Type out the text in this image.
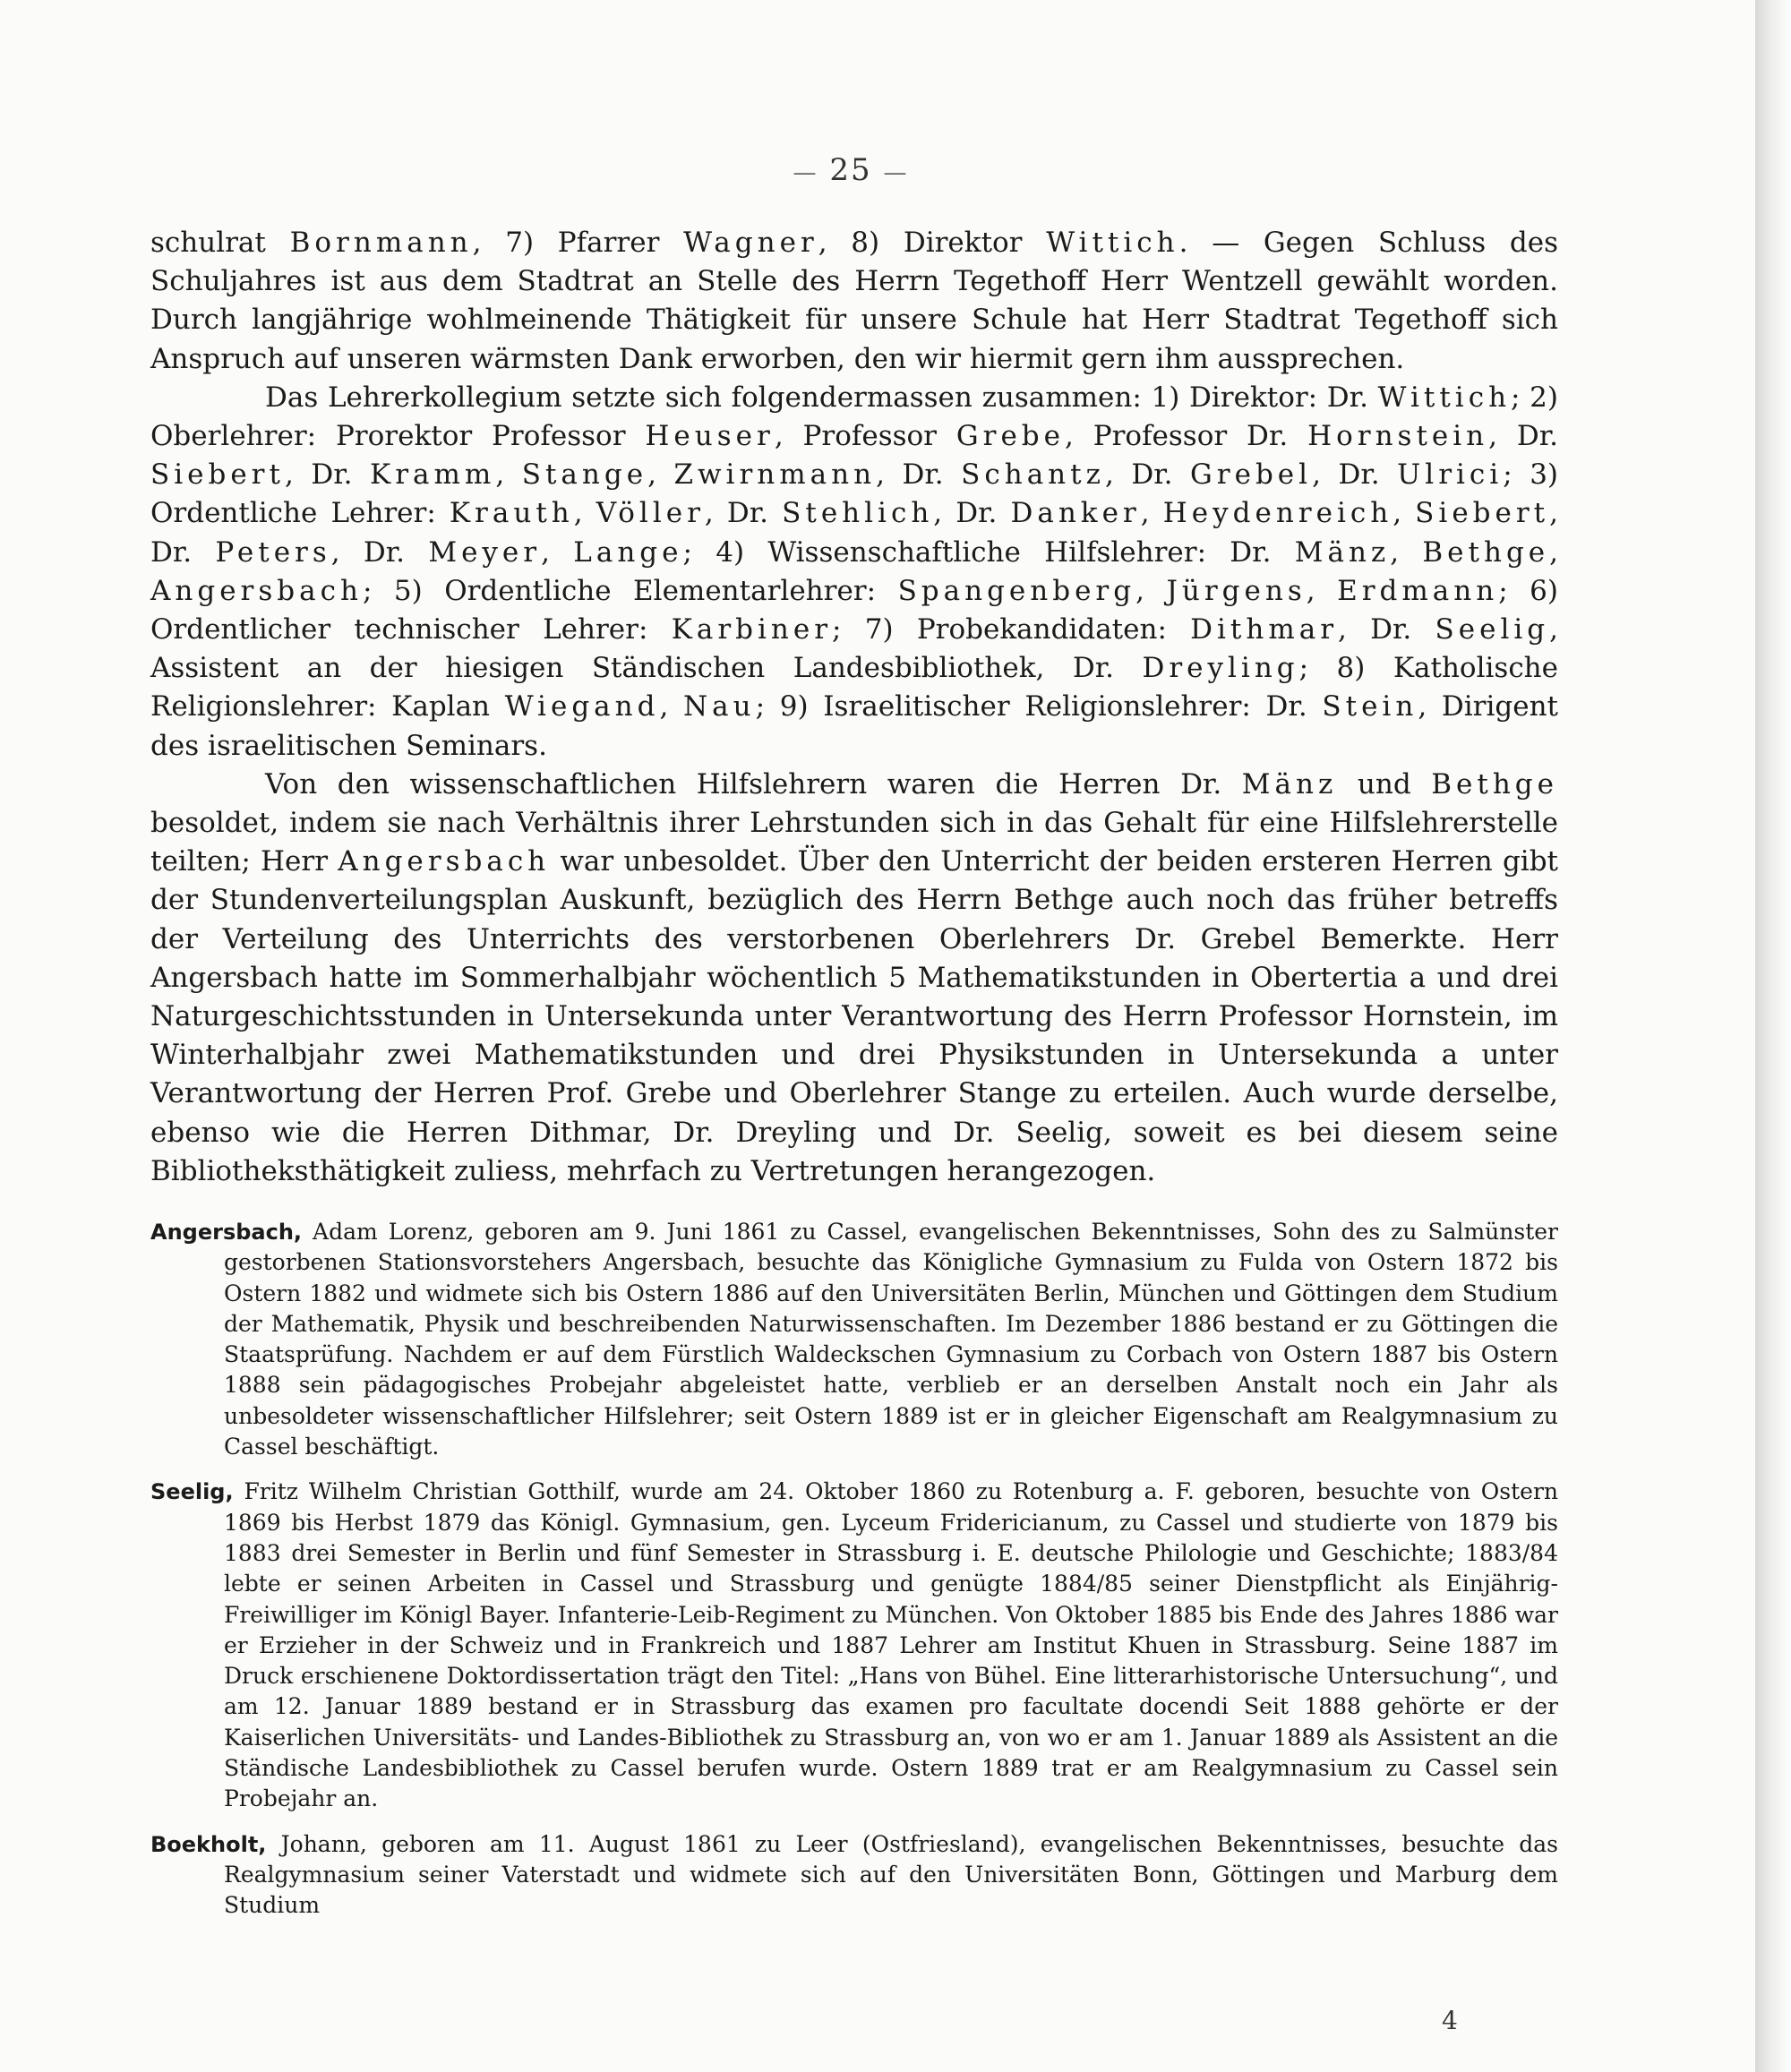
— 25 —

schulrat Bornmann, 7) Pfarrer Wagner, 8) Direktor Wittich. — Gegen Schluss des Schuljahres ist aus dem Stadtrat an Stelle des Herrn Tegethoff Herr Wentzell gewählt worden. Durch langjährige wohlmeinende Thätigkeit für unsere Schule hat Herr Stadtrat Tegethoff sich Anspruch auf unseren wärmsten Dank erworben, den wir hiermit gern ihm aussprechen.

Das Lehrerkollegium setzte sich folgendermassen zusammen: 1) Direktor: Dr. Wittich; 2) Oberlehrer: Prorektor Professor Heuser, Professor Grebe, Professor Dr. Hornstein, Dr. Siebert, Dr. Kramm, Stange, Zwirnmann, Dr. Schantz, Dr. Grebel, Dr. Ulrici; 3) Ordentliche Lehrer: Krauth, Völler, Dr. Stehlich, Dr. Danker, Heydenreich, Siebert, Dr. Peters, Dr. Meyer, Lange; 4) Wissenschaftliche Hilfslehrer: Dr. Mänz, Bethge, Angersbach; 5) Ordentliche Elementarlehrer: Spangenberg, Jürgens, Erdmann; 6) Ordentlicher technischer Lehrer: Karbiner; 7) Probekandidaten: Dithmar, Dr. Seelig, Assistent an der hiesigen Ständischen Landesbibliothek, Dr. Dreyling; 8) Katholische Religionslehrer: Kaplan Wiegand, Nau; 9) Israelitischer Religionslehrer: Dr. Stein, Dirigent des israelitischen Seminars.

Von den wissenschaftlichen Hilfslehrern waren die Herren Dr. Mänz und Bethge besoldet, indem sie nach Verhältnis ihrer Lehrstunden sich in das Gehalt für eine Hilfslehrerstelle teilten; Herr Angersbach war unbesoldet. Über den Unterricht der beiden ersteren Herren gibt der Stundenverteilungsplan Auskunft, bezüglich des Herrn Bethge auch noch das früher betreffs der Verteilung des Unterrichts des verstorbenen Oberlehrers Dr. Grebel Bemerkte. Herr Angersbach hatte im Sommerhalbjahr wöchentlich 5 Mathematikstunden in Obertertia a und drei Naturgeschichtsstunden in Untersekunda unter Verantwortung des Herrn Professor Hornstein, im Winterhalbjahr zwei Mathematikstunden und drei Physikstunden in Untersekunda a unter Verantwortung der Herren Prof. Grebe und Oberlehrer Stange zu erteilen. Auch wurde derselbe, ebenso wie die Herren Dithmar, Dr. Dreyling und Dr. Seelig, soweit es bei diesem seine Bibliotheksthätigkeit zuliess, mehrfach zu Vertretungen herangezogen.

Angersbach, Adam Lorenz, geboren am 9. Juni 1861 zu Cassel, evangelischen Bekenntnisses, Sohn des zu Salmünster gestorbenen Stationsvorstehers Angersbach, besuchte das Königliche Gymnasium zu Fulda von Ostern 1872 bis Ostern 1882 und widmete sich bis Ostern 1886 auf den Universitäten Berlin, München und Göttingen dem Studium der Mathematik, Physik und beschreibenden Naturwissenschaften. Im Dezember 1886 bestand er zu Göttingen die Staatsprüfung. Nachdem er auf dem Fürstlich Waldeckschen Gymnasium zu Corbach von Ostern 1887 bis Ostern 1888 sein pädagogisches Probejahr abgeleistet hatte, verblieb er an derselben Anstalt noch ein Jahr als unbesoldeter wissenschaftlicher Hilfslehrer; seit Ostern 1889 ist er in gleicher Eigenschaft am Realgymnasium zu Cassel beschäftigt.

Seelig, Fritz Wilhelm Christian Gotthilf, wurde am 24. Oktober 1860 zu Rotenburg a. F. geboren, besuchte von Ostern 1869 bis Herbst 1879 das Königl. Gymnasium, gen. Lyceum Fridericianum, zu Cassel und studierte von 1879 bis 1883 drei Semester in Berlin und fünf Semester in Strassburg i. E. deutsche Philologie und Geschichte; 1883/84 lebte er seinen Arbeiten in Cassel und Strassburg und genügte 1884/85 seiner Dienstpflicht als Einjährig-Freiwilliger im Königl Bayer. Infanterie-Leib-Regiment zu München. Von Oktober 1885 bis Ende des Jahres 1886 war er Erzieher in der Schweiz und in Frankreich und 1887 Lehrer am Institut Khuen in Strassburg. Seine 1887 im Druck erschienene Doktordissertation trägt den Titel: „Hans von Bühel. Eine litterarhistorische Untersuchung“, und am 12. Januar 1889 bestand er in Strassburg das examen pro facultate docendi Seit 1888 gehörte er der Kaiserlichen Universitäts- und Landes-Bibliothek zu Strassburg an, von wo er am 1. Januar 1889 als Assistent an die Ständische Landesbibliothek zu Cassel berufen wurde. Ostern 1889 trat er am Realgymnasium zu Cassel sein Probejahr an.

Boekholt, Johann, geboren am 11. August 1861 zu Leer (Ostfriesland), evangelischen Bekenntnisses, besuchte das Realgymnasium seiner Vaterstadt und widmete sich auf den Universitäten Bonn, Göttingen und Marburg dem Studium

4
